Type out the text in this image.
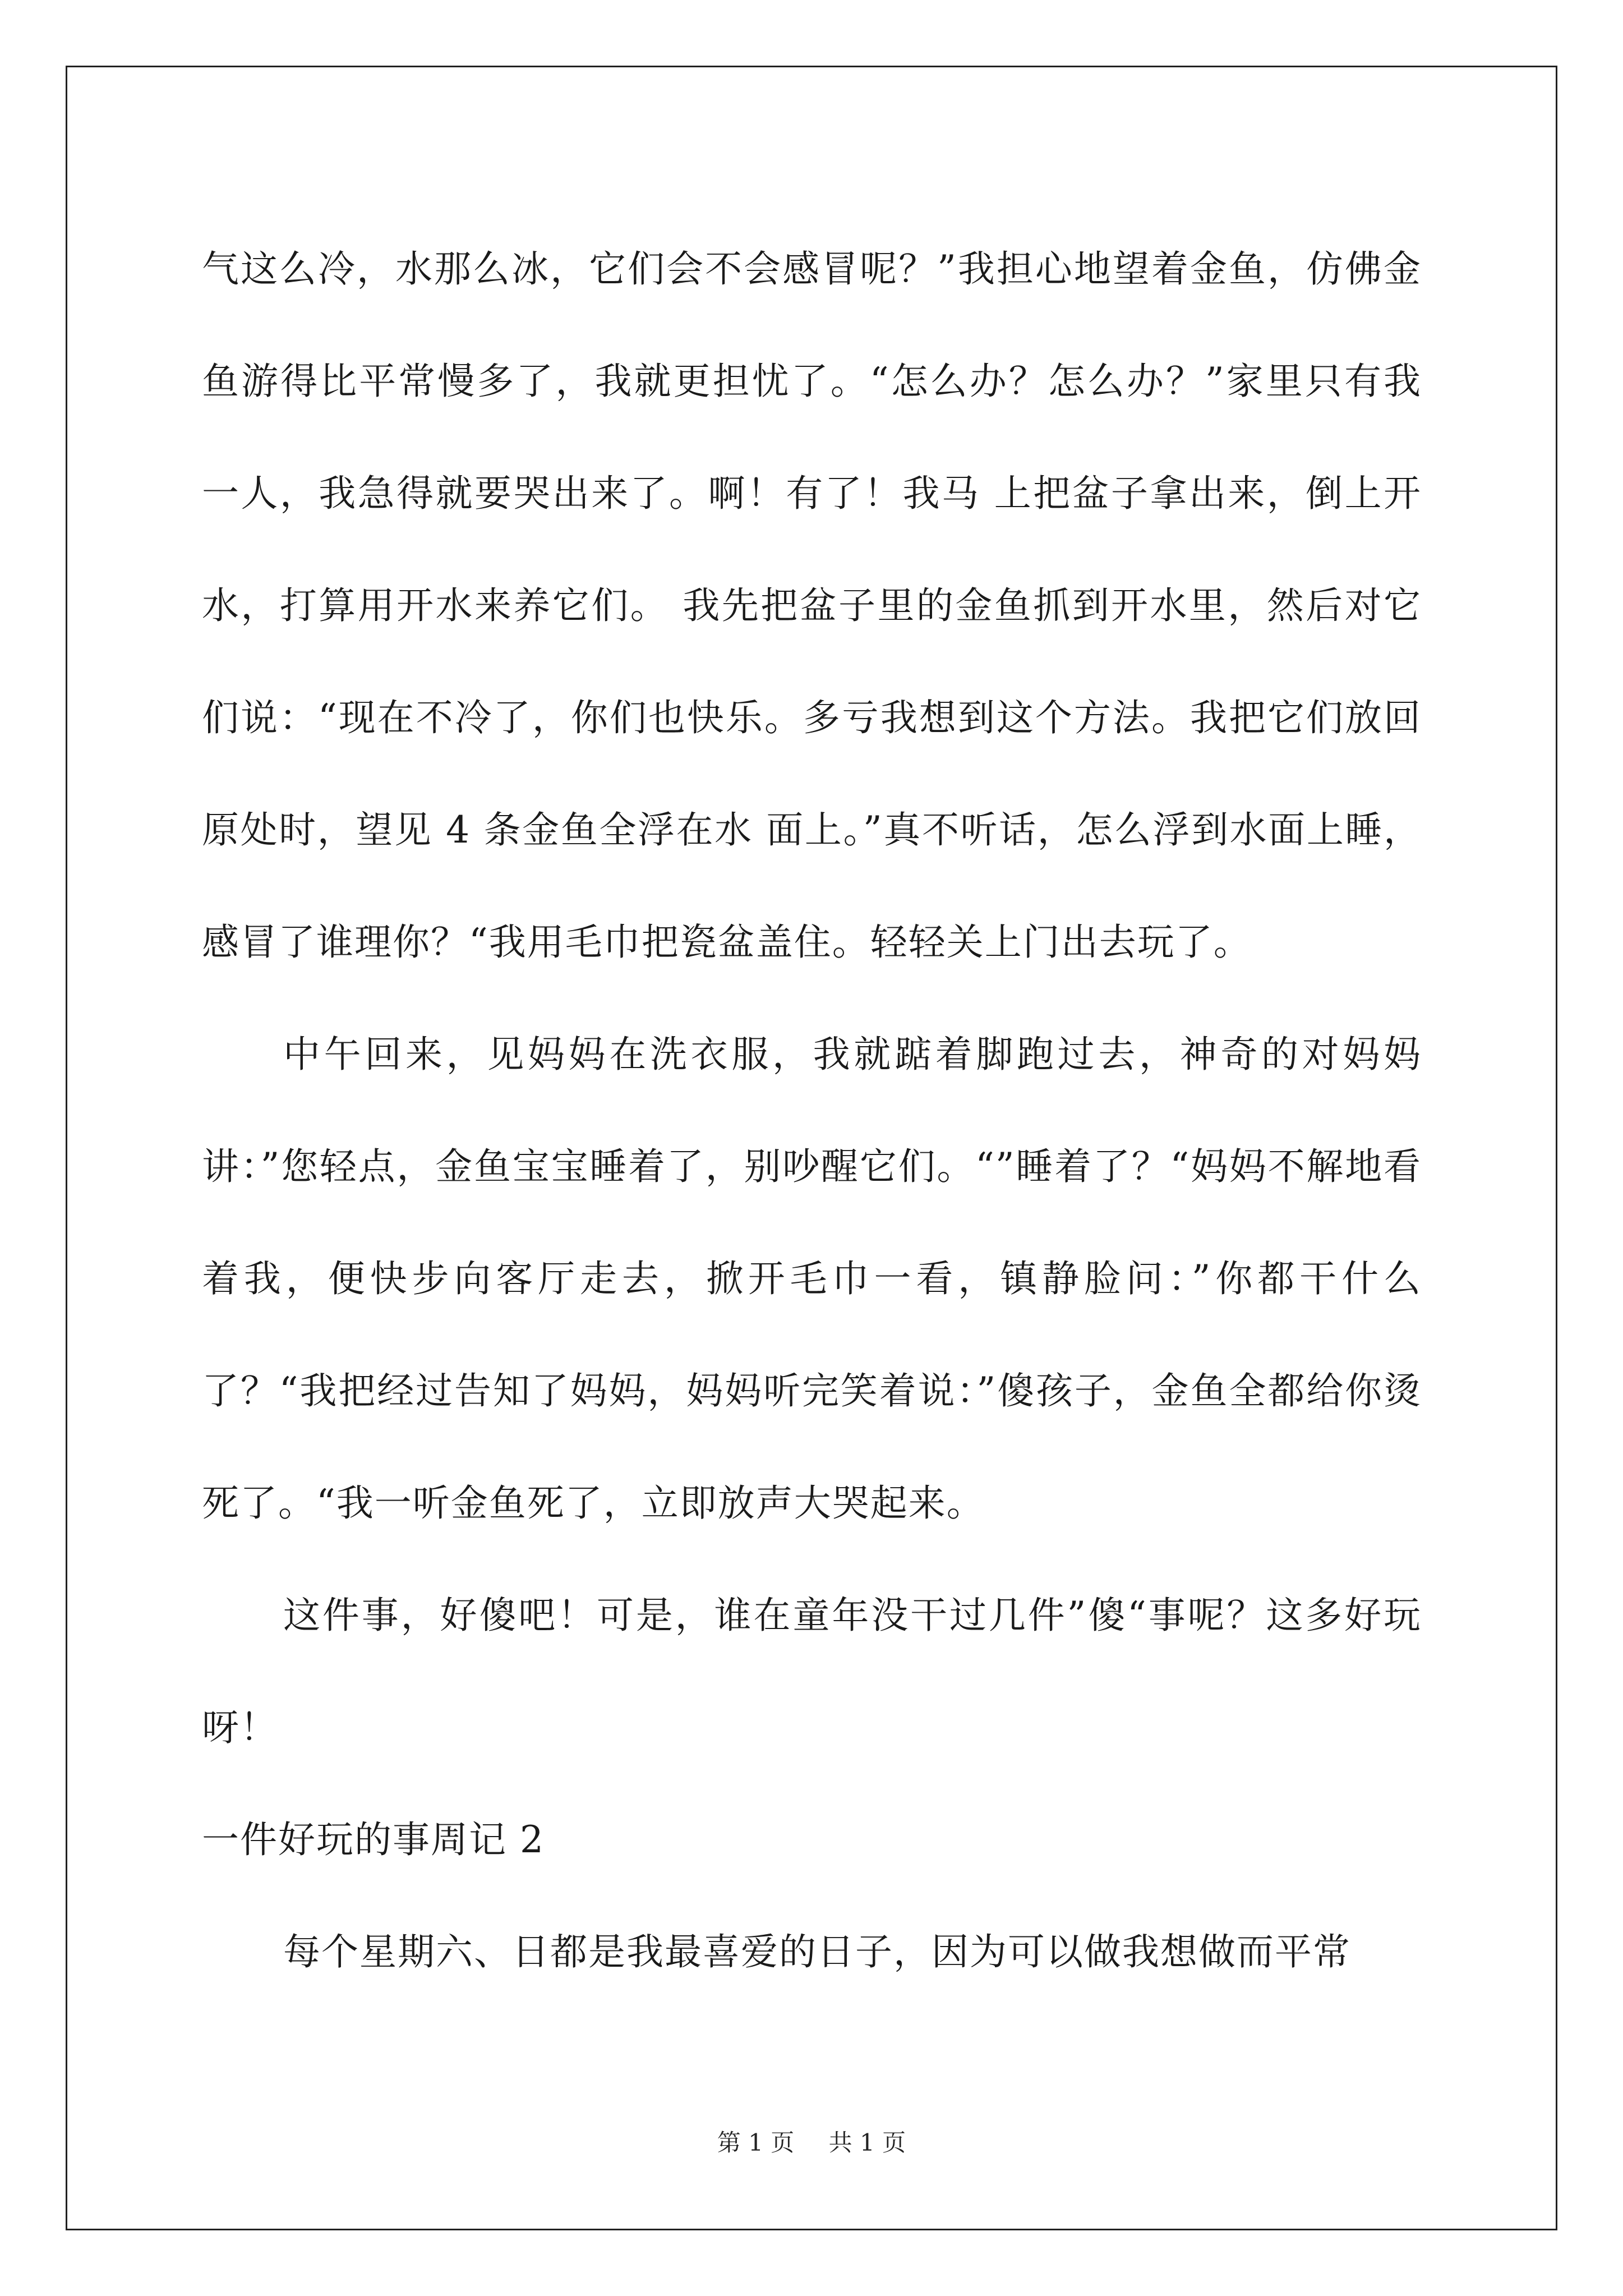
气这么冷，水那么冰，它们会不会感冒呢？”我担心地望着金鱼，仿佛金鱼游得比平常慢多了，我就更担忧了。“怎么办？怎么办？”家里只有我一人，我急得就要哭出来了。啊！有了！我马 上把盆子拿出来，倒上开水，打算用开水来养它们。 我先把盆子里的金鱼抓到开水里，然后对它们说：“现在不冷了，你们也快乐。多亏我想到这个方法。我把它们放回原处时，望见 4 条金鱼全浮在水 面上。”真不听话，怎么浮到水面上睡，感冒了谁理你？“我用毛巾把瓷盆盖住。轻轻关上门出去玩了。

中午回来，见妈妈在洗衣服，我就踮着脚跑过去，神奇的对妈妈讲：”您轻点，金鱼宝宝睡着了，别吵醒它们。“”睡着了？“妈妈不解地看着我，便快步向客厅走去，掀开毛巾一看，镇静脸问：”你都干什么了？“我把经过告知了妈妈，妈妈听完笑着说：”傻孩子，金鱼全都给你烫死了。“我一听金鱼死了，立即放声大哭起来。

这件事，好傻吧！可是，谁在童年没干过几件”傻“事呢？这多好玩呀！

一件好玩的事周记 2

每个星期六、日都是我最喜爱的日子，因为可以做我想做而平常

第 1 页 共 1 页
